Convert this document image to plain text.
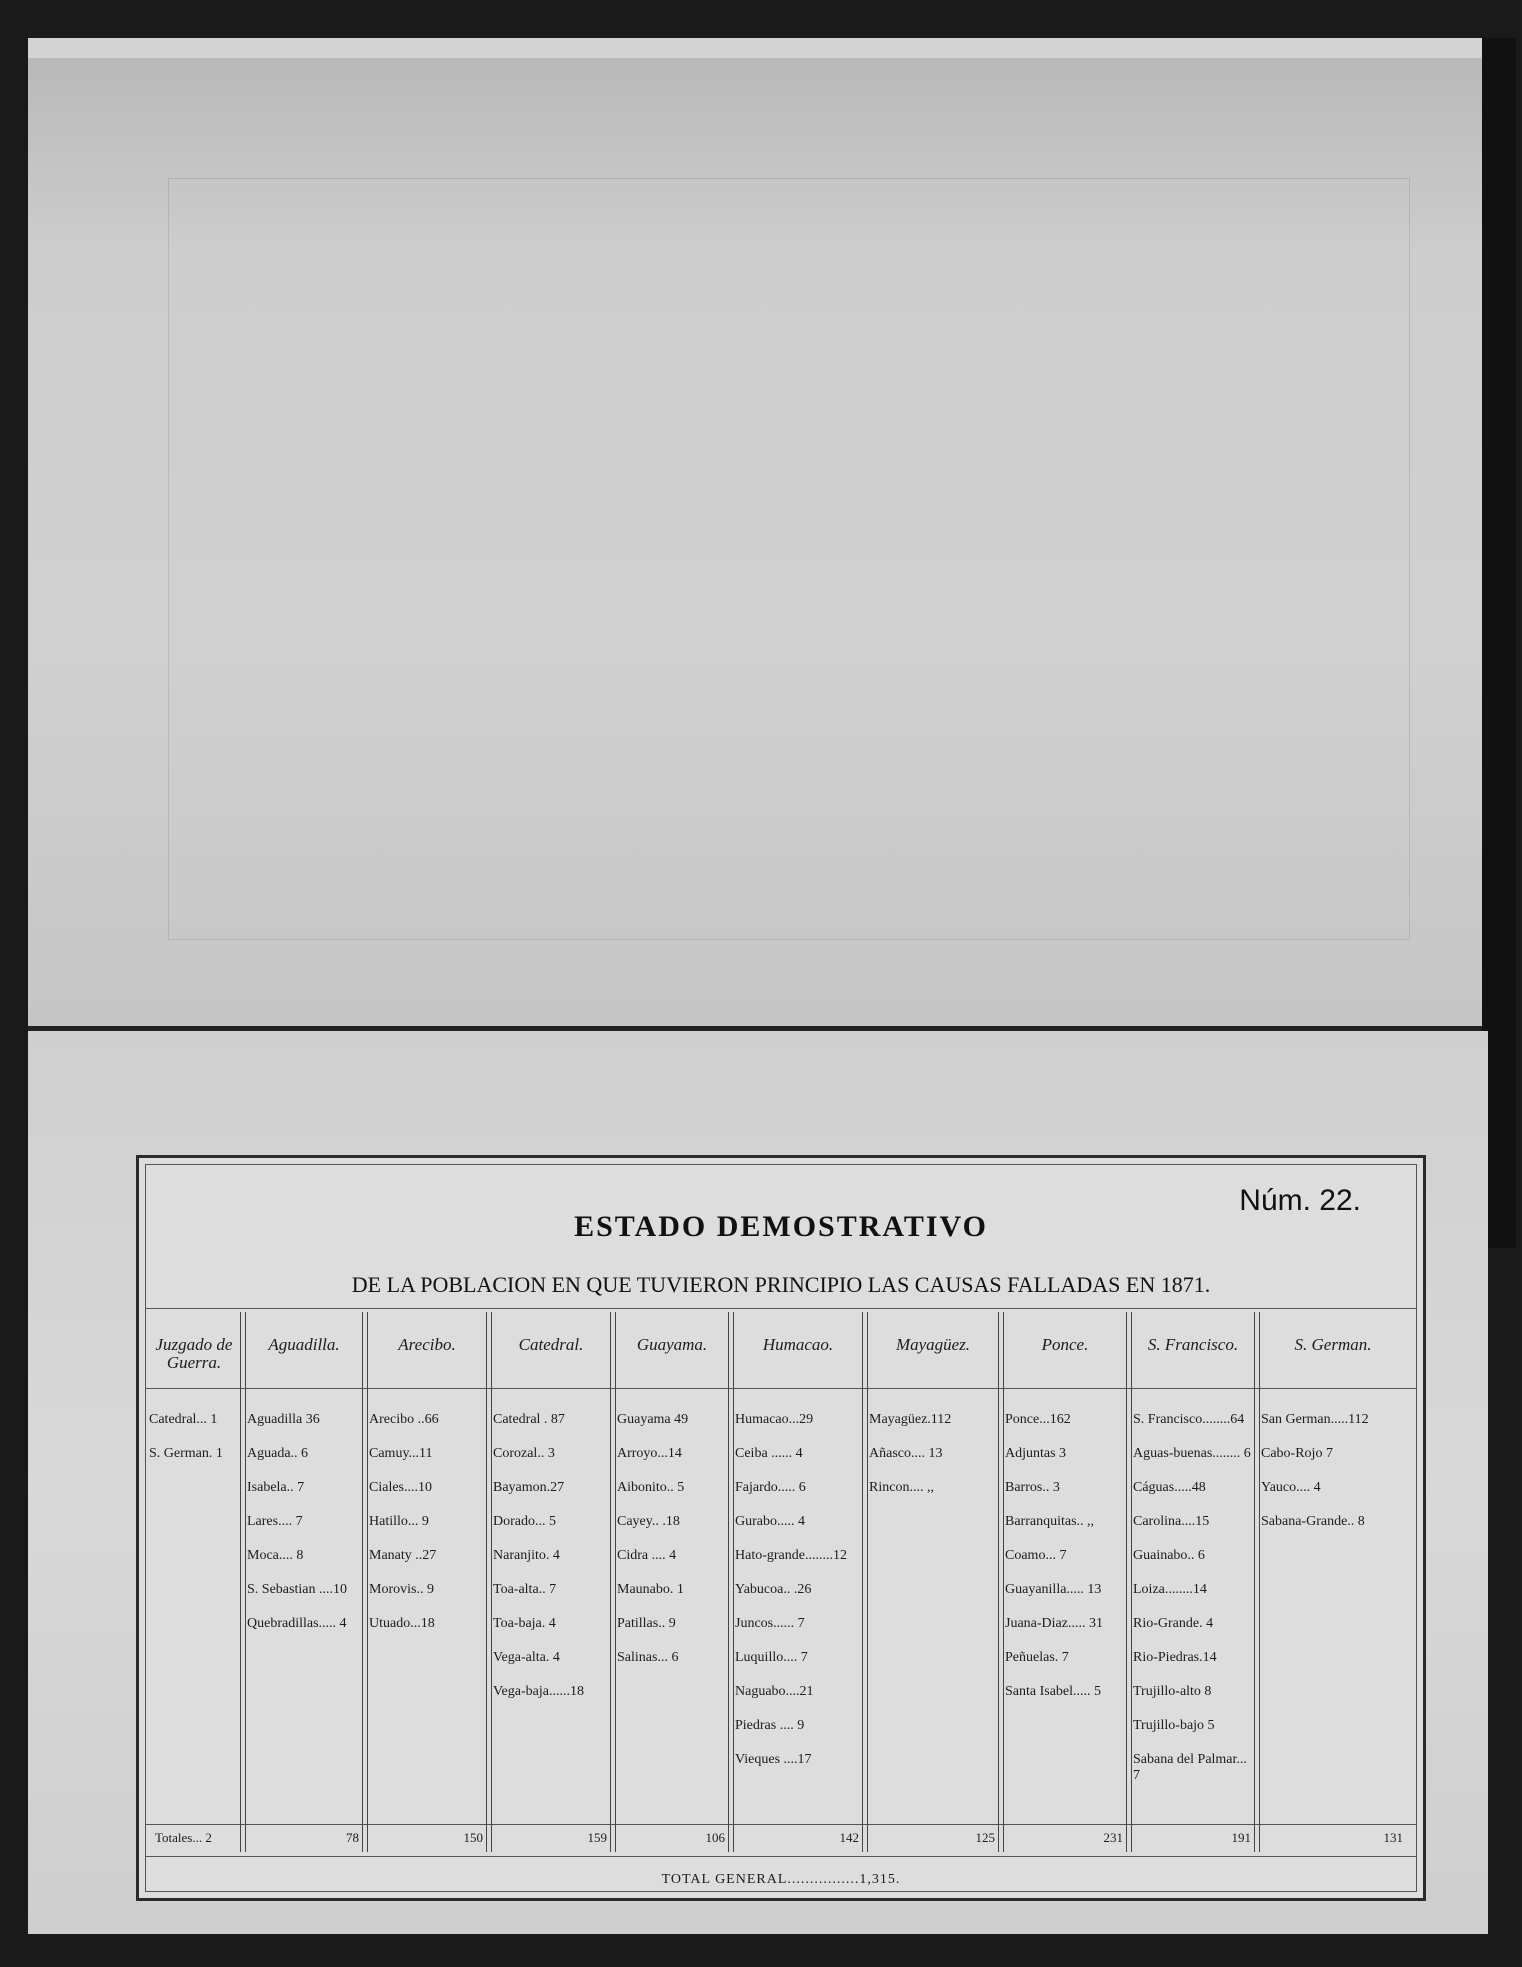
Núm. 22.
ESTADO DEMOSTRATIVO
DE LA POBLACION EN QUE TUVIERON PRINCIPIO LAS CAUSAS FALLADAS EN 1871.
Juzgado de Guerra.
Catedral... 1
S. German. 1
Totales... 2
Aguadilla.
Aguadilla 36
Aguada.. 6
Isabela.. 7
Lares.... 7
Moca.... 8
S. Sebastian ....10
Quebradillas..... 4
78
Arecibo.
Arecibo ..66
Camuy...11
Ciales....10
Hatillo... 9
Manaty ..27
Morovis.. 9
Utuado...18
150
Catedral.
Catedral . 87
Corozal.. 3
Bayamon.27
Dorado... 5
Naranjito. 4
Toa-alta.. 7
Toa-baja. 4
Vega-alta. 4
Vega-baja......18
159
Guayama.
Guayama 49
Arroyo...14
Aibonito.. 5
Cayey.. .18
Cidra .... 4
Maunabo. 1
Patillas.. 9
Salinas... 6
106
Humacao.
Humacao...29
Ceiba ...... 4
Fajardo..... 6
Gurabo..... 4
Hato-grande........12
Yabucoa.. .26
Juncos...... 7
Luquillo.... 7
Naguabo....21
Piedras .... 9
Vieques ....17
142
Mayagüez.
Mayagüez.112
Añasco.... 13
Rincon.... ,,
125
Ponce.
Ponce...162
Adjuntas 3
Barros.. 3
Barranquitas.. ,,
Coamo... 7
Guayanilla..... 13
Juana-Diaz..... 31
Peñuelas. 7
Santa Isabel..... 5
231
S. Francisco.
S. Francisco........64
Aguas-buenas........ 6
Cáguas.....48
Carolina....15
Guainabo.. 6
Loiza........14
Rio-Grande. 4
Rio-Piedras.14
Trujillo-alto 8
Trujillo-bajo 5
Sabana del Palmar... 7
191
S. German.
San German.....112
Cabo-Rojo 7
Yauco.... 4
Sabana-Grande.. 8
131
TOTAL GENERAL................1,315.
